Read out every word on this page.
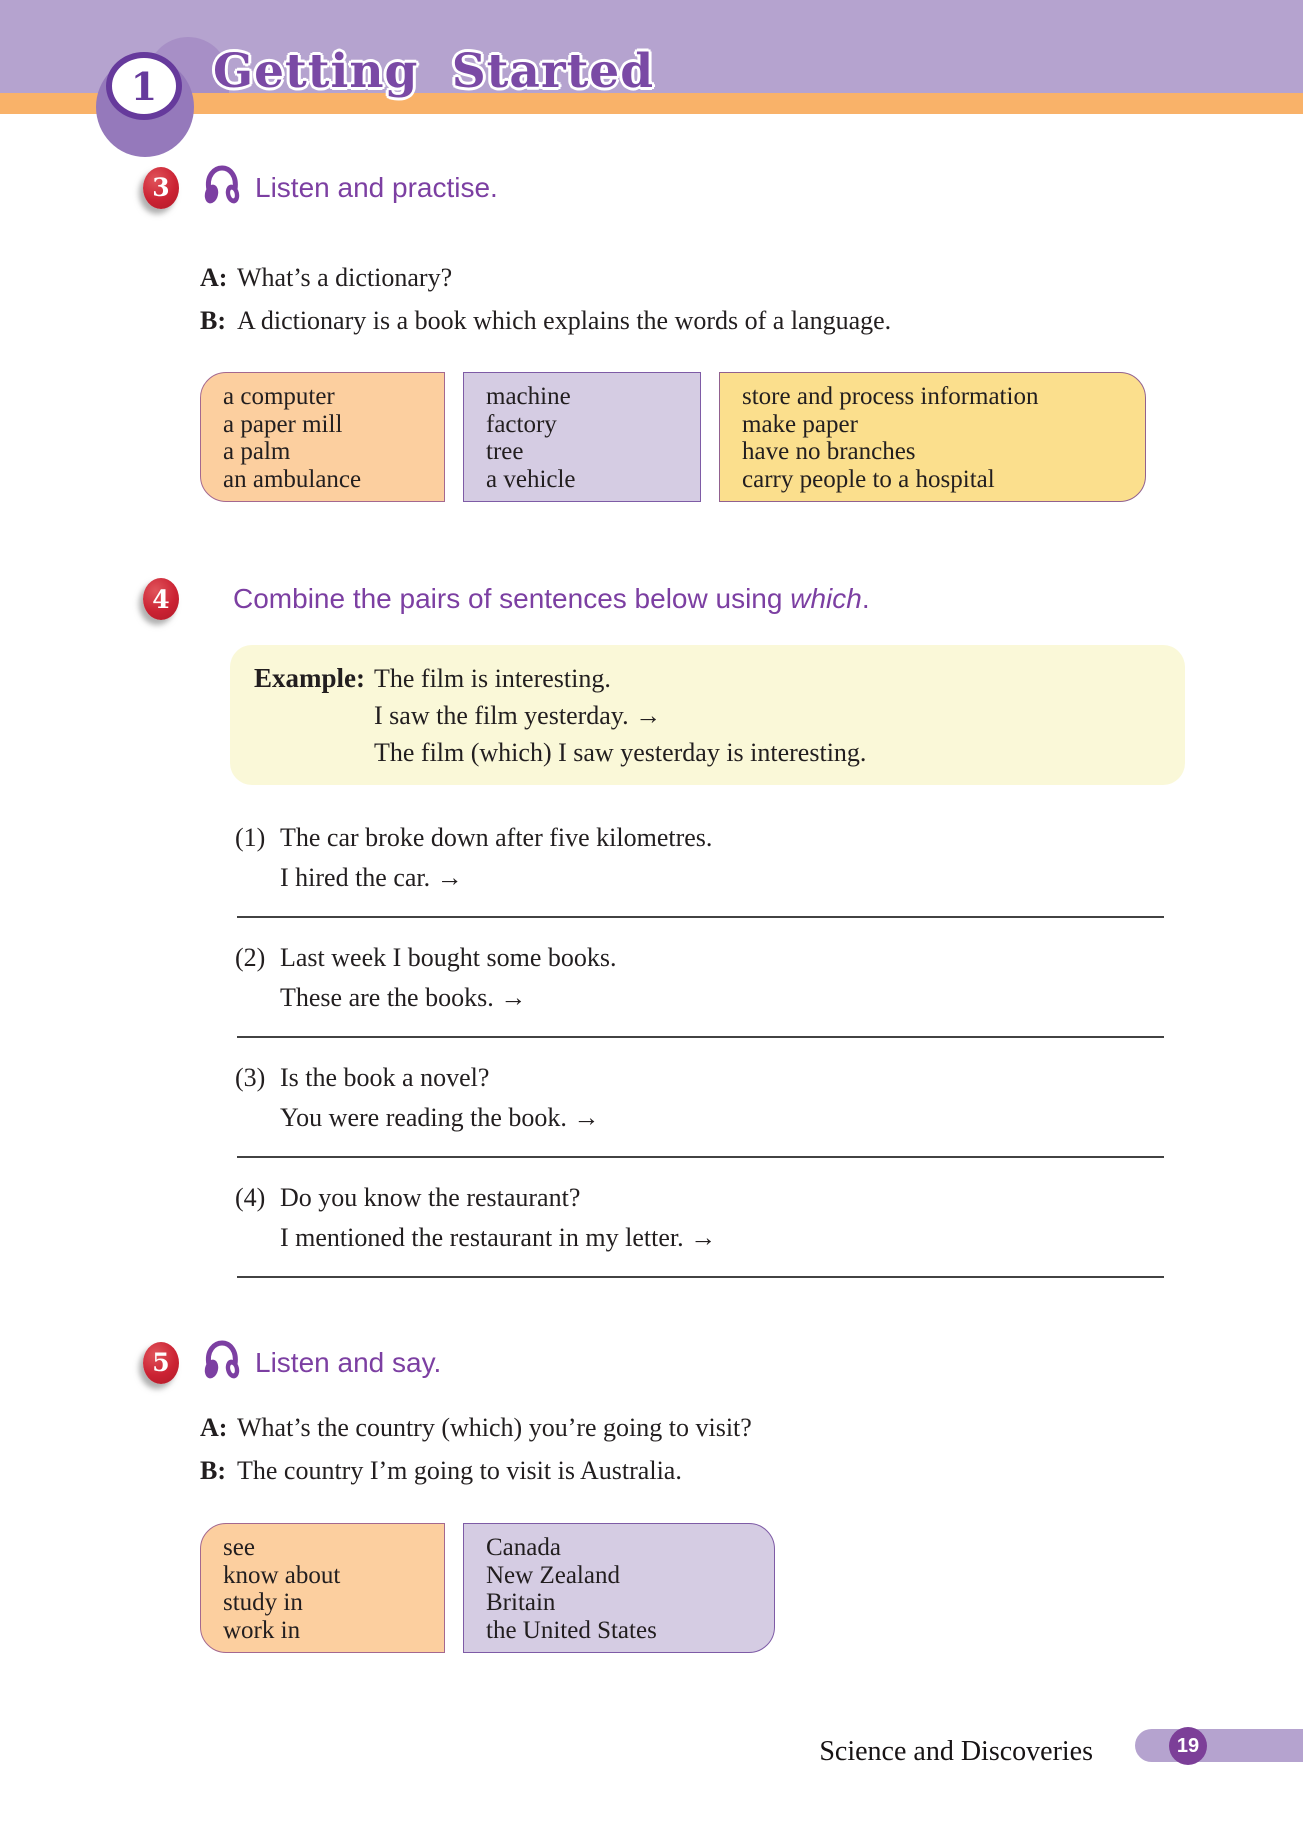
1 Getting Started
3	Listen and practise.
A: What’s a dictionary?
B: A dictionary is a book which explains the words of a language.
a computer
a paper mill
a palm
an ambulance
machine
factory
tree
a vehicle
store and process information
make paper
have no branches
carry people to a hospital
4	Combine the pairs of sentences below using which.
Example: The film is interesting.
I saw the film yesterday. →
The film (which) I saw yesterday is interesting.
(1) The car broke down after five kilometres.
I hired the car. →
(2) Last week I bought some books.
These are the books. →
(3) Is the book a novel?
You were reading the book. →
(4) Do you know the restaurant?
I mentioned the restaurant in my letter. →
5	Listen and say.
A: What’s the country (which) you’re going to visit?
B: The country I’m going to visit is Australia.
see
know about
study in
work in
Canada
New Zealand
Britain
the United States
Science and Discoveries	19
